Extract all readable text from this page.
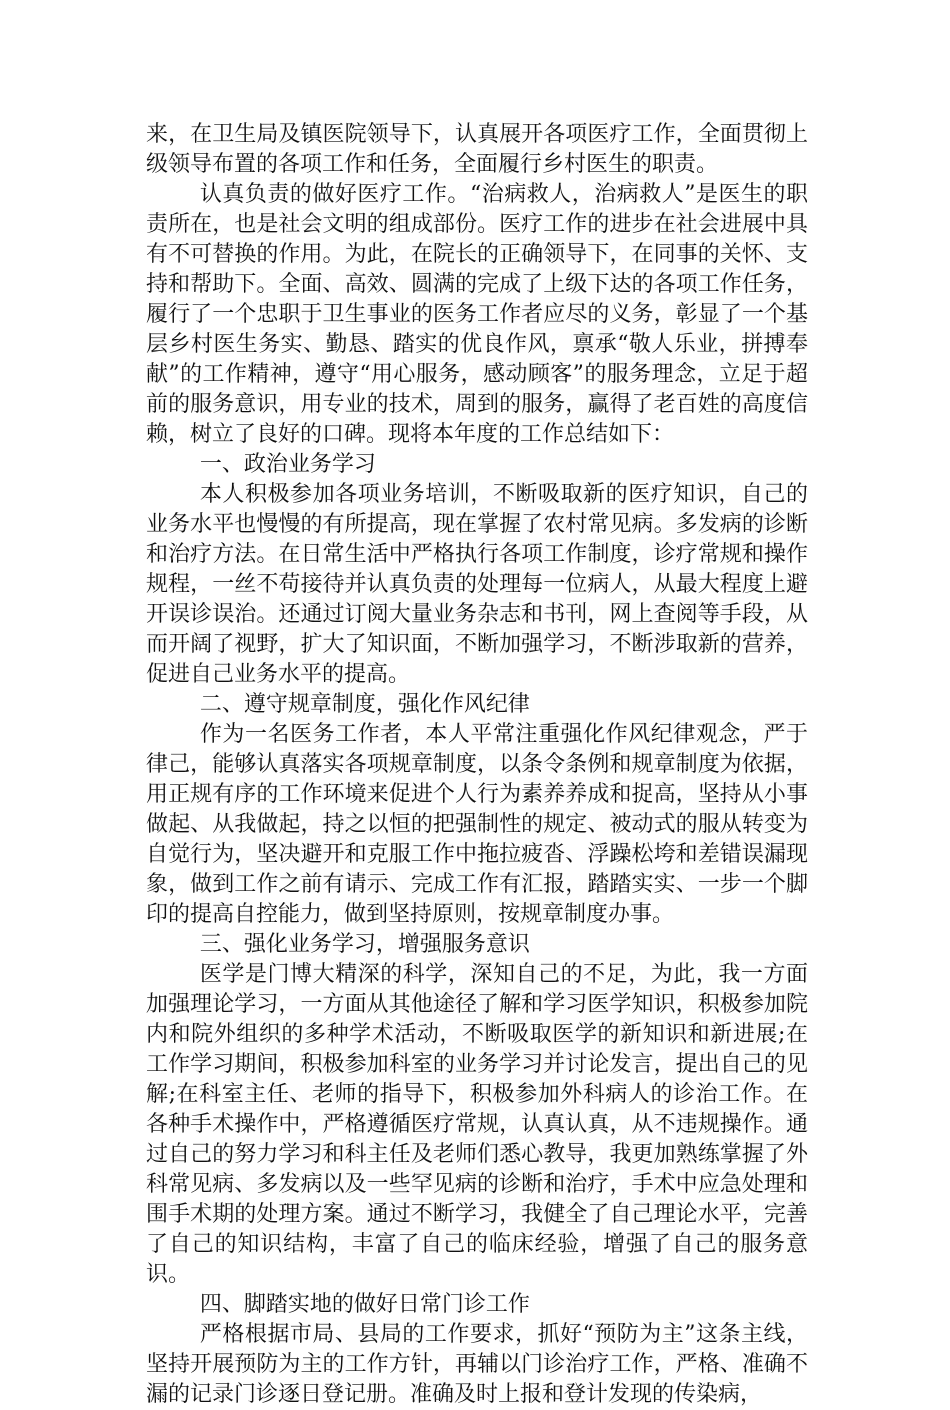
来，在卫生局及镇医院领导下，认真展开各项医疗工作，全面贯彻上级领导布置的各项工作和任务，全面履行乡村医生的职责。

认真负责的做好医疗工作。“治病救人，治病救人”是医生的职责所在，也是社会文明的组成部份。医疗工作的进步在社会进展中具有不可替换的作用。为此，在院长的正确领导下，在同事的关怀、支持和帮助下。全面、高效、圆满的完成了上级下达的各项工作任务，履行了一个忠职于卫生事业的医务工作者应尽的义务，彰显了一个基层乡村医生务实、勤恳、踏实的优良作风，禀承“敬人乐业，拼搏奉献”的工作精神，遵守“用心服务，感动顾客”的服务理念，立足于超前的服务意识，用专业的技术，周到的服务，赢得了老百姓的高度信赖，树立了良好的口碑。现将本年度的工作总结如下：

一、政治业务学习

本人积极参加各项业务培训，不断吸取新的医疗知识，自己的业务水平也慢慢的有所提高，现在掌握了农村常见病。多发病的诊断和治疗方法。在日常生活中严格执行各项工作制度，诊疗常规和操作规程，一丝不苟接待并认真负责的处理每一位病人，从最大程度上避开误诊误治。还通过订阅大量业务杂志和书刊，网上查阅等手段，从而开阔了视野，扩大了知识面，不断加强学习，不断涉取新的营养，促进自己业务水平的提高。

二、遵守规章制度，强化作风纪律

作为一名医务工作者，本人平常注重强化作风纪律观念，严于律己，能够认真落实各项规章制度，以条令条例和规章制度为依据，用正规有序的工作环境来促进个人行为素养养成和捉高，坚持从小事做起、从我做起，持之以恒的把强制性的规定、被动式的服从转变为自觉行为，坚决避开和克服工作中拖拉疲沓、浮躁松垮和差错误漏现象，做到工作之前有请示、完成工作有汇报，踏踏实实、一步一个脚印的提高自控能力，做到坚持原则，按规章制度办事。

三、强化业务学习，增强服务意识

医学是门博大精深的科学，深知自己的不足，为此，我一方面加强理论学习，一方面从其他途径了解和学习医学知识，积极参加院内和院外组织的多种学术活动，不断吸取医学的新知识和新进展;在工作学习期间，积极参加科室的业务学习并讨论发言，提出自己的见解;在科室主任、老师的指导下，积极参加外科病人的诊治工作。在各种手术操作中，严格遵循医疗常规，认真认真，从不违规操作。通过自己的努力学习和科主任及老师们悉心教导，我更加熟练掌握了外科常见病、多发病以及一些罕见病的诊断和治疗，手术中应急处理和围手术期的处理方案。通过不断学习，我健全了自己理论水平，完善了自己的知识结构，丰富了自己的临床经验，增强了自己的服务意识。

四、脚踏实地的做好日常门诊工作

严格根据市局、县局的工作要求，抓好“预防为主”这条主线，坚持开展预防为主的工作方针，再辅以门诊治疗工作，严格、准确不漏的记录门诊逐日登记册。准确及时上报和登计发现的传染病，
